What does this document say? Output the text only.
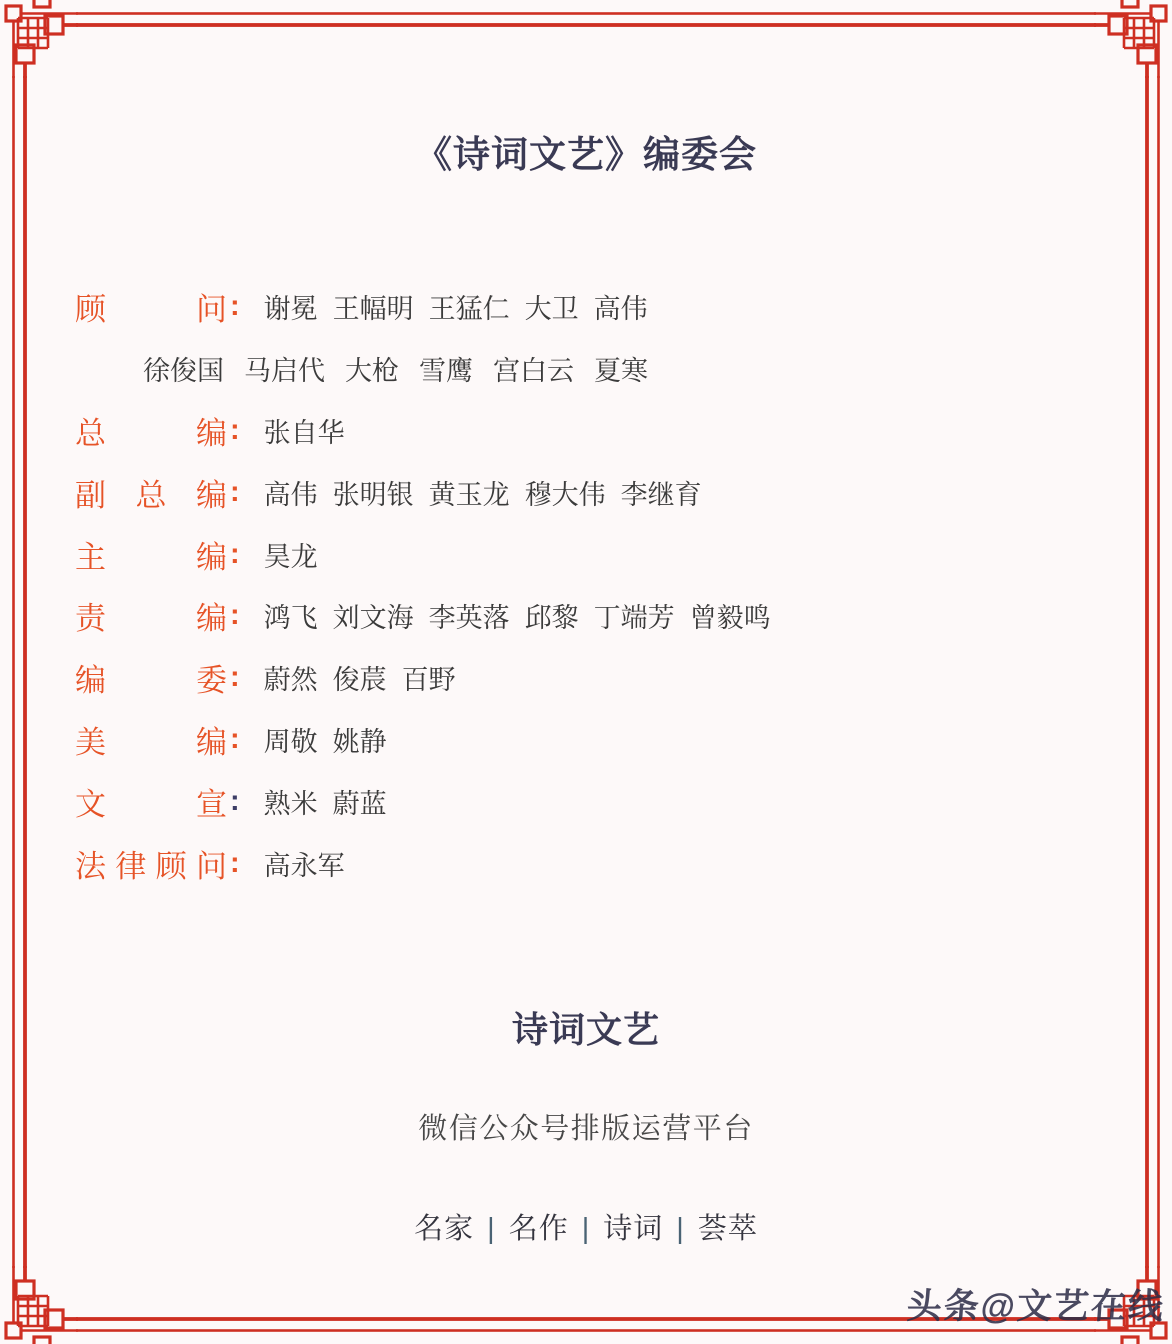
《诗词文艺》编委会
顾问 : 谢冕 王幅明 王猛仁 大卫 高伟
徐俊国 马启代 大枪 雪鹰 宫白云 夏寒
总编 : 张自华
副总编 : 高伟 张明银 黄玉龙 穆大伟 李继育
主编 : 昊龙
责编 : 鸿飞 刘文海 李英落 邱黎 丁端芳 曾毅鸣
编委 : 蔚然 俊莀 百野
美编 : 周敬 姚静
文宣 : 熟米 蔚蓝
法律顾问 : 高永军
诗词文艺
微信公众号排版运营平台
名家 | 名作 | 诗词 | 荟萃
头条@文艺在线
